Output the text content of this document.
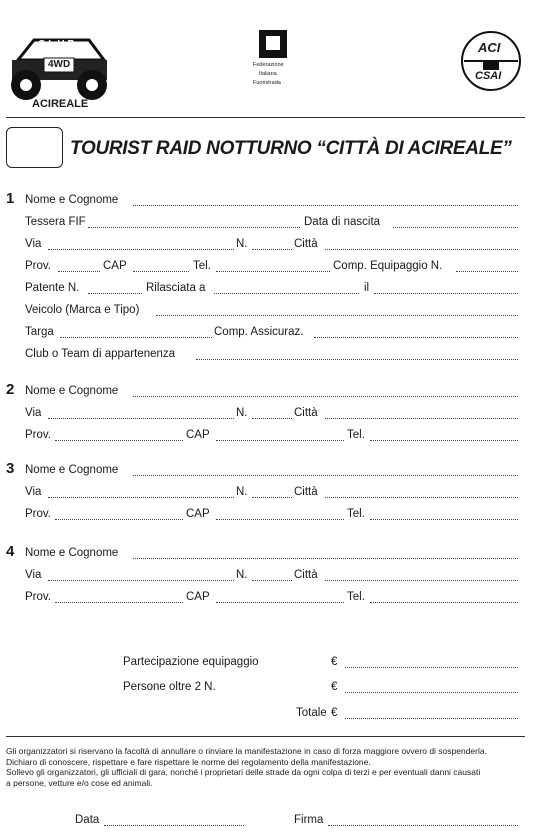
CLUB
4WD
ACIREALE
Federazione
Italiana
Fuoristrada
ACI
CSAI
TOURIST RAID NOTTURNO “CITTÀ DI ACIREALE”
1 Nome e Cognome
Tessera FIF	Data di nascita
Via	N.	Città
Prov.	CAP	Tel.	Comp. Equipaggio N.
Patente N.	Rilasciata a	il
Veicolo (Marca e Tipo)
Targa	Comp. Assicuraz.
Club o Team di appartenenza
2 Nome e Cognome
Via	N.	Città
Prov.	CAP	Tel.
3 Nome e Cognome
Via	N.	Città
Prov.	CAP	Tel.
4 Nome e Cognome
Via	N.	Città
Prov.	CAP	Tel.
Partecipazione equipaggio	€
Persone oltre 2 N.	€
Totale €
Gli organizzatori si riservano la facoltà di annullare o rinviare la manifestazione in caso di forza maggiore ovvero di sospenderla.
Dichiaro di conoscere, rispettare e fare rispettare le norme del regolamento della manifestazione.
Sollevo gli organizzatori, gli ufficiali di gara, nonché i proprietari delle strade da ogni colpa di terzi e per eventuali danni causati
a persone, vetture e/o cose ed animali.
Data	Firma
